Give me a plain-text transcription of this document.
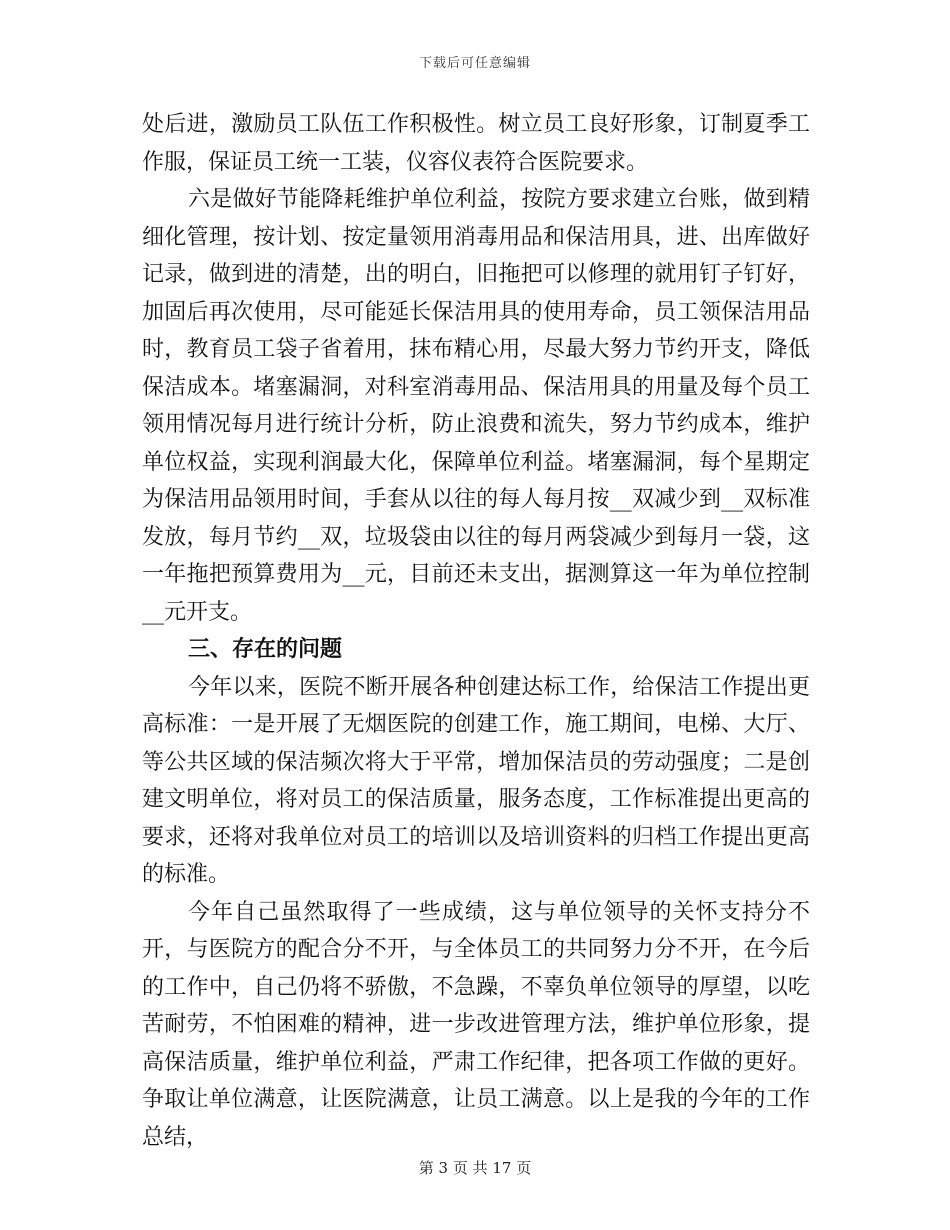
下载后可任意编辑

处后进，激励员工队伍工作积极性。树立员工良好形象，订制夏季工作服，保证员工统一工装，仪容仪表符合医院要求。

六是做好节能降耗维护单位利益，按院方要求建立台账，做到精细化管理，按计划、按定量领用消毒用品和保洁用具，进、出库做好记录，做到进的清楚，出的明白，旧拖把可以修理的就用钉子钉好，加固后再次使用，尽可能延长保洁用具的使用寿命，员工领保洁用品时，教育员工袋子省着用，抹布精心用，尽最大努力节约开支，降低保洁成本。堵塞漏洞，对科室消毒用品、保洁用具的用量及每个员工领用情况每月进行统计分析，防止浪费和流失，努力节约成本，维护单位权益，实现利润最大化，保障单位利益。堵塞漏洞，每个星期定为保洁用品领用时间，手套从以往的每人每月按__双减少到__双标准发放，每月节约__双，垃圾袋由以往的每月两袋减少到每月一袋，这一年拖把预算费用为__元，目前还未支出，据测算这一年为单位控制__元开支。

三、存在的问题

今年以来，医院不断开展各种创建达标工作，给保洁工作提出更高标准：一是开展了无烟医院的创建工作，施工期间，电梯、大厅、等公共区域的保洁频次将大于平常，增加保洁员的劳动强度；二是创建文明单位，将对员工的保洁质量，服务态度，工作标准提出更高的要求，还将对我单位对员工的培训以及培训资料的归档工作提出更高的标准。

今年自己虽然取得了一些成绩，这与单位领导的关怀支持分不开，与医院方的配合分不开，与全体员工的共同努力分不开，在今后的工作中，自己仍将不骄傲，不急躁，不辜负单位领导的厚望，以吃苦耐劳，不怕困难的精神，进一步改进管理方法，维护单位形象，提高保洁质量，维护单位利益，严肃工作纪律，把各项工作做的更好。争取让单位满意，让医院满意，让员工满意。以上是我的今年的工作总结，

第 3 页 共 17 页
